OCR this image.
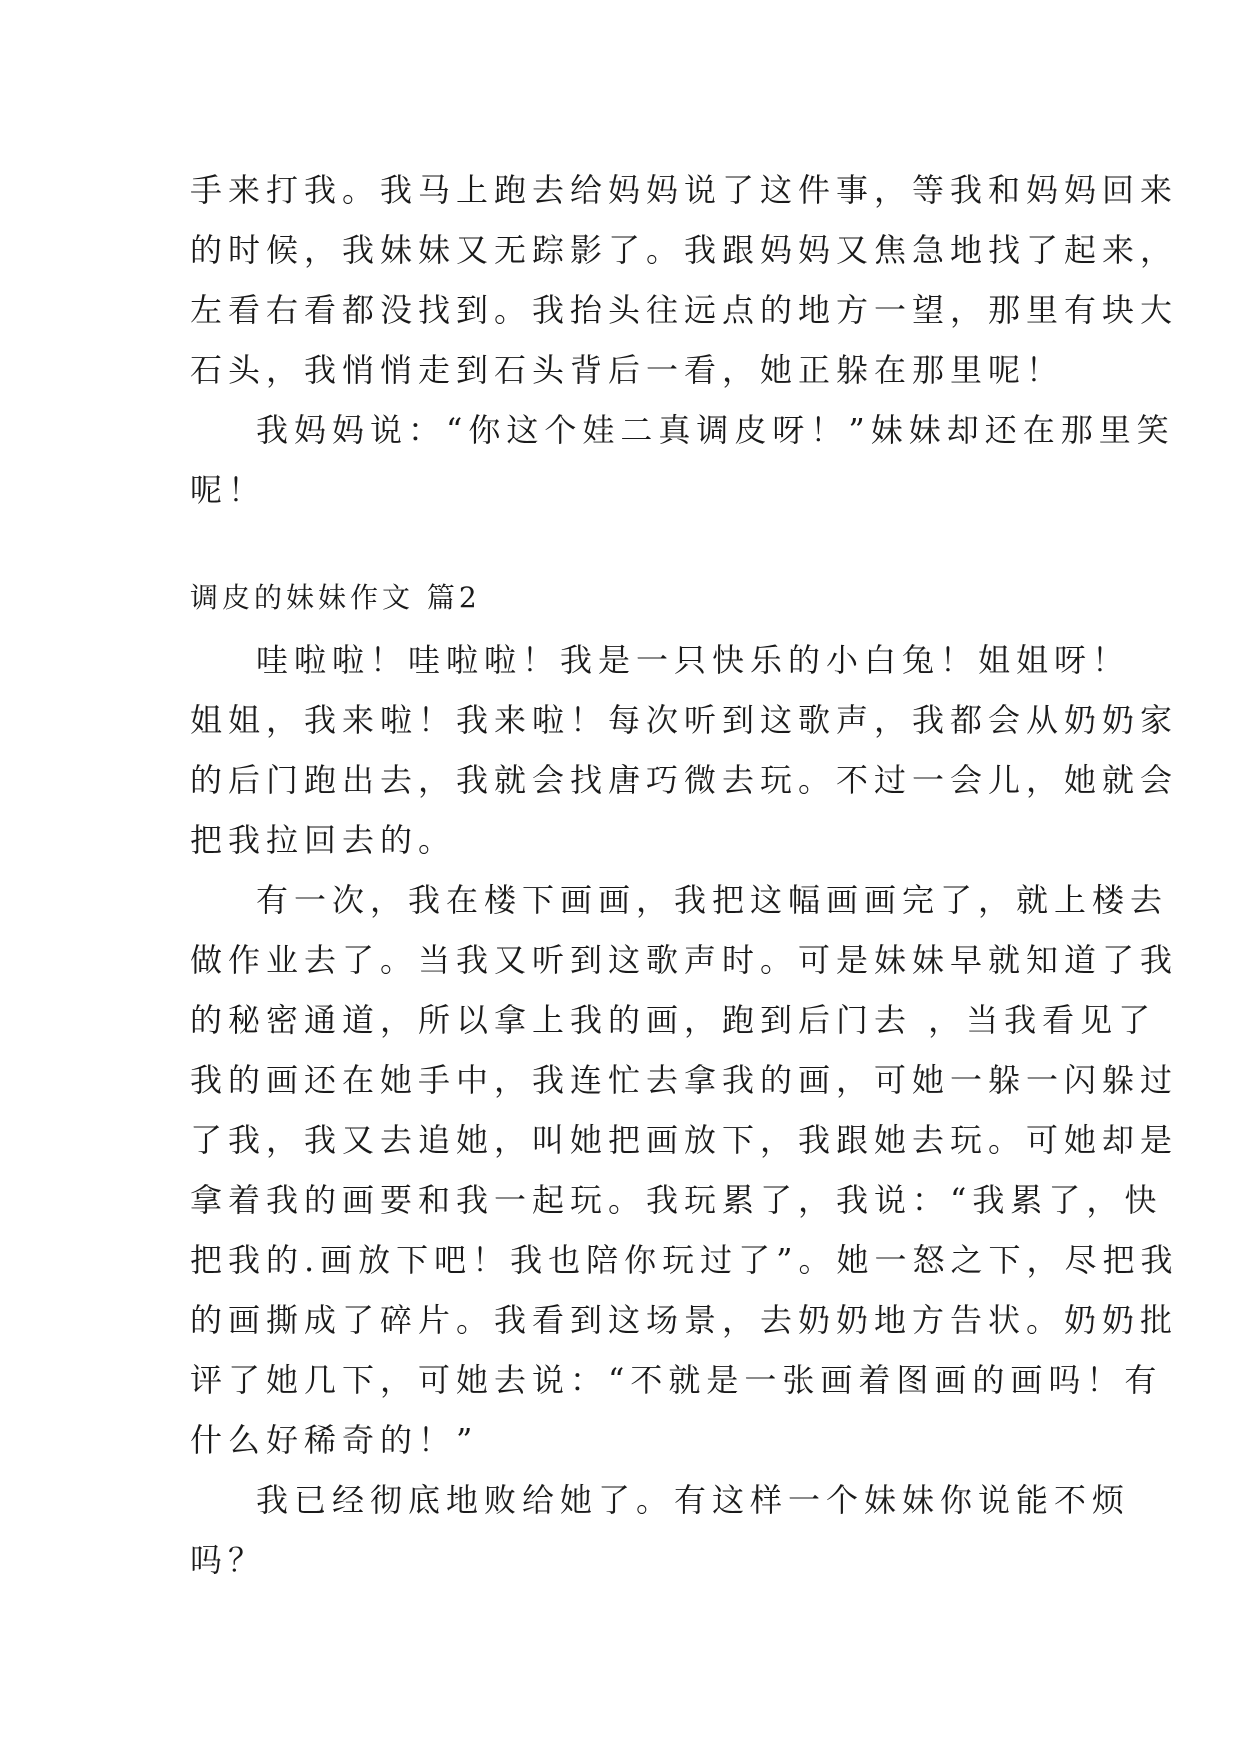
手来打我。我马上跑去给妈妈说了这件事，等我和妈妈回来
的时候，我妹妹又无踪影了。我跟妈妈又焦急地找了起来，
左看右看都没找到。我抬头往远点的地方一望，那里有块大
石头，我悄悄走到石头背后一看，她正躲在那里呢！
我妈妈说：“你这个娃二真调皮呀！”妹妹却还在那里笑
呢！
调皮的妹妹作文 篇2
哇啦啦！哇啦啦！我是一只快乐的小白兔！姐姐呀！
姐姐，我来啦！我来啦！每次听到这歌声，我都会从奶奶家
的后门跑出去，我就会找唐巧微去玩。不过一会儿，她就会
把我拉回去的。
有一次，我在楼下画画，我把这幅画画完了，就上楼去
做作业去了。当我又听到这歌声时。可是妹妹早就知道了我
的秘密通道，所以拿上我的画，跑到后门去 ，当我看见了
我的画还在她手中，我连忙去拿我的画，可她一躲一闪躲过
了我，我又去追她，叫她把画放下，我跟她去玩。可她却是
拿着我的画要和我一起玩。我玩累了，我说：“我累了，快
把我的.画放下吧！我也陪你玩过了”。她一怒之下，尽把我
的画撕成了碎片。我看到这场景，去奶奶地方告状。奶奶批
评了她几下，可她去说：“不就是一张画着图画的画吗！有
什么好稀奇的！”
我已经彻底地败给她了。有这样一个妹妹你说能不烦
吗？
